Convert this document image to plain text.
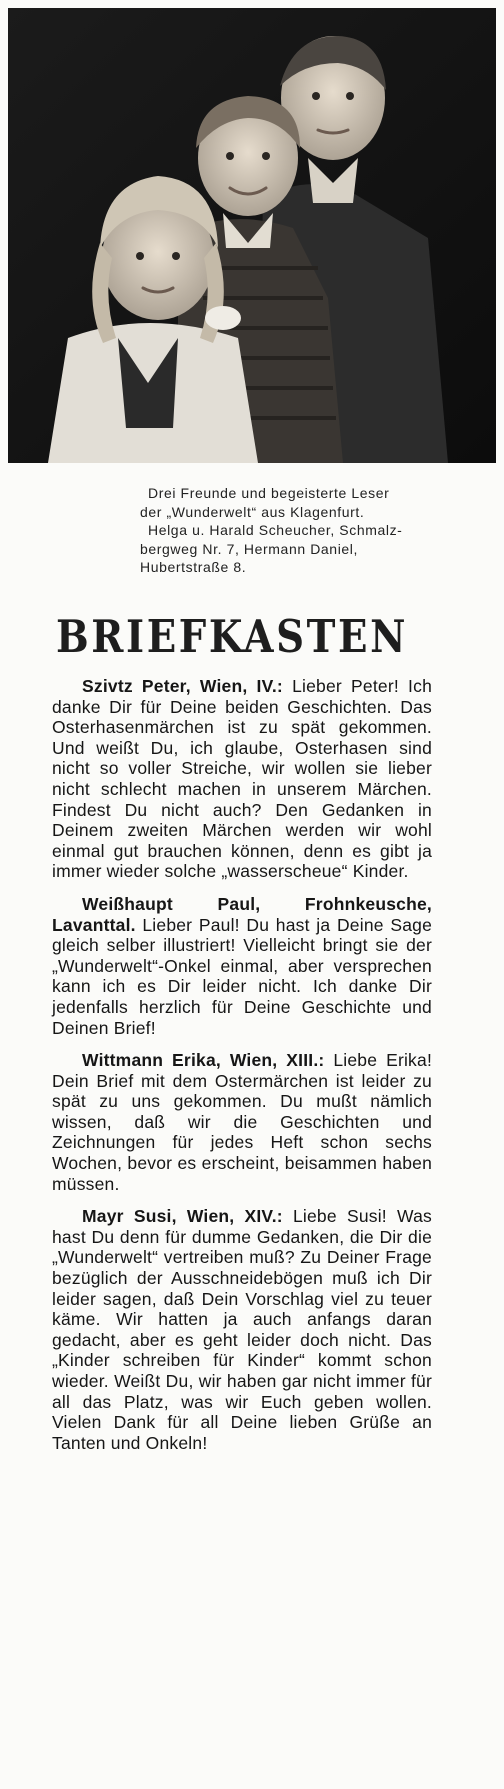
Drei Freunde und begeisterte Leser

der „Wunderwelt“ aus Klagenfurt.

Helga u. Harald Scheucher, Schmalz-

bergweg Nr. 7, Hermann Daniel,

Hubertstraße 8.

BRIEFKASTEN

Szivtz Peter, Wien, IV.: Lieber Peter! Ich danke Dir für Deine beiden Geschichten. Das Osterhasenmärchen ist zu spät gekommen. Und weißt Du, ich glaube, Osterhasen sind nicht so voller Streiche, wir wollen sie lieber nicht schlecht machen in unserem Märchen. Findest Du nicht auch? Den Gedanken in Deinem zweiten Märchen werden wir wohl einmal gut brauchen können, denn es gibt ja immer wieder solche „wasserscheue“ Kinder.

Weißhaupt Paul, Frohnkeusche, Lavanttal. Lieber Paul! Du hast ja Deine Sage gleich selber illustriert! Vielleicht bringt sie der „Wunderwelt“-Onkel einmal, aber versprechen kann ich es Dir leider nicht. Ich danke Dir jedenfalls herzlich für Deine Geschichte und Deinen Brief!

Wittmann Erika, Wien, XIII.: Liebe Erika! Dein Brief mit dem Ostermärchen ist leider zu spät zu uns gekommen. Du mußt nämlich wissen, daß wir die Geschichten und Zeichnungen für jedes Heft schon sechs Wochen, bevor es erscheint, beisammen haben müssen.

Mayr Susi, Wien, XIV.: Liebe Susi! Was hast Du denn für dumme Gedanken, die Dir die „Wunderwelt“ vertreiben muß? Zu Deiner Frage bezüglich der Ausschneidebögen muß ich Dir leider sagen, daß Dein Vorschlag viel zu teuer käme. Wir hatten ja auch anfangs daran gedacht, aber es geht leider doch nicht. Das „Kinder schreiben für Kinder“ kommt schon wieder. Weißt Du, wir haben gar nicht immer für all das Platz, was wir Euch geben wollen. Vielen Dank für all Deine lieben Grüße an Tanten und Onkeln!
